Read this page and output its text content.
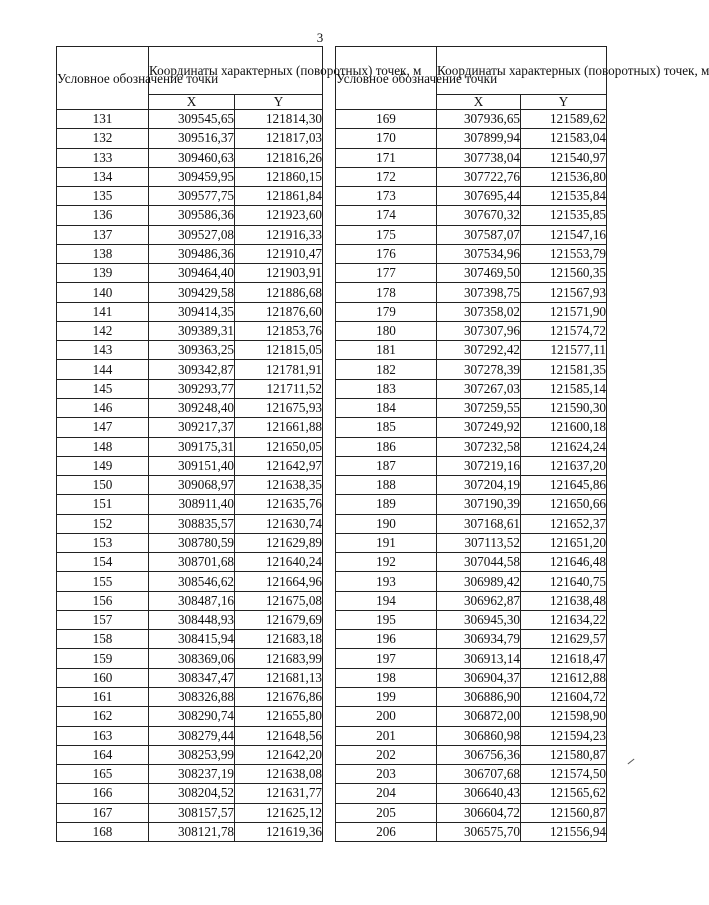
3
Условное обозначение точки	Координаты характерных (поворотных) точек, м	
	X	Y
131	309545,65	121814,30
132	309516,37	121817,03
133	309460,63	121816,26
134	309459,95	121860,15
135	309577,75	121861,84
136	309586,36	121923,60
137	309527,08	121916,33
138	309486,36	121910,47
139	309464,40	121903,91
140	309429,58	121886,68
141	309414,35	121876,60
142	309389,31	121853,76
143	309363,25	121815,05
144	309342,87	121781,91
145	309293,77	121711,52
146	309248,40	121675,93
147	309217,37	121661,88
148	309175,31	121650,05
149	309151,40	121642,97
150	309068,97	121638,35
151	308911,40	121635,76
152	308835,57	121630,74
153	308780,59	121629,89
154	308701,68	121640,24
155	308546,62	121664,96
156	308487,16	121675,08
157	308448,93	121679,69
158	308415,94	121683,18
159	308369,06	121683,99
160	308347,47	121681,13
161	308326,88	121676,86
162	308290,74	121655,80
163	308279,44	121648,56
164	308253,99	121642,20
165	308237,19	121638,08
166	308204,52	121631,77
167	308157,57	121625,12
168	308121,78	121619,36
Условное обозначение точки	Координаты характерных (поворотных) точек, м	
	X	Y
169	307936,65	121589,62
170	307899,94	121583,04
171	307738,04	121540,97
172	307722,76	121536,80
173	307695,44	121535,84
174	307670,32	121535,85
175	307587,07	121547,16
176	307534,96	121553,79
177	307469,50	121560,35
178	307398,75	121567,93
179	307358,02	121571,90
180	307307,96	121574,72
181	307292,42	121577,11
182	307278,39	121581,35
183	307267,03	121585,14
184	307259,55	121590,30
185	307249,92	121600,18
186	307232,58	121624,24
187	307219,16	121637,20
188	307204,19	121645,86
189	307190,39	121650,66
190	307168,61	121652,37
191	307113,52	121651,20
192	307044,58	121646,48
193	306989,42	121640,75
194	306962,87	121638,48
195	306945,30	121634,22
196	306934,79	121629,57
197	306913,14	121618,47
198	306904,37	121612,88
199	306886,90	121604,72
200	306872,00	121598,90
201	306860,98	121594,23
202	306756,36	121580,87
203	306707,68	121574,50
204	306640,43	121565,62
205	306604,72	121560,87
206	306575,70	121556,94
